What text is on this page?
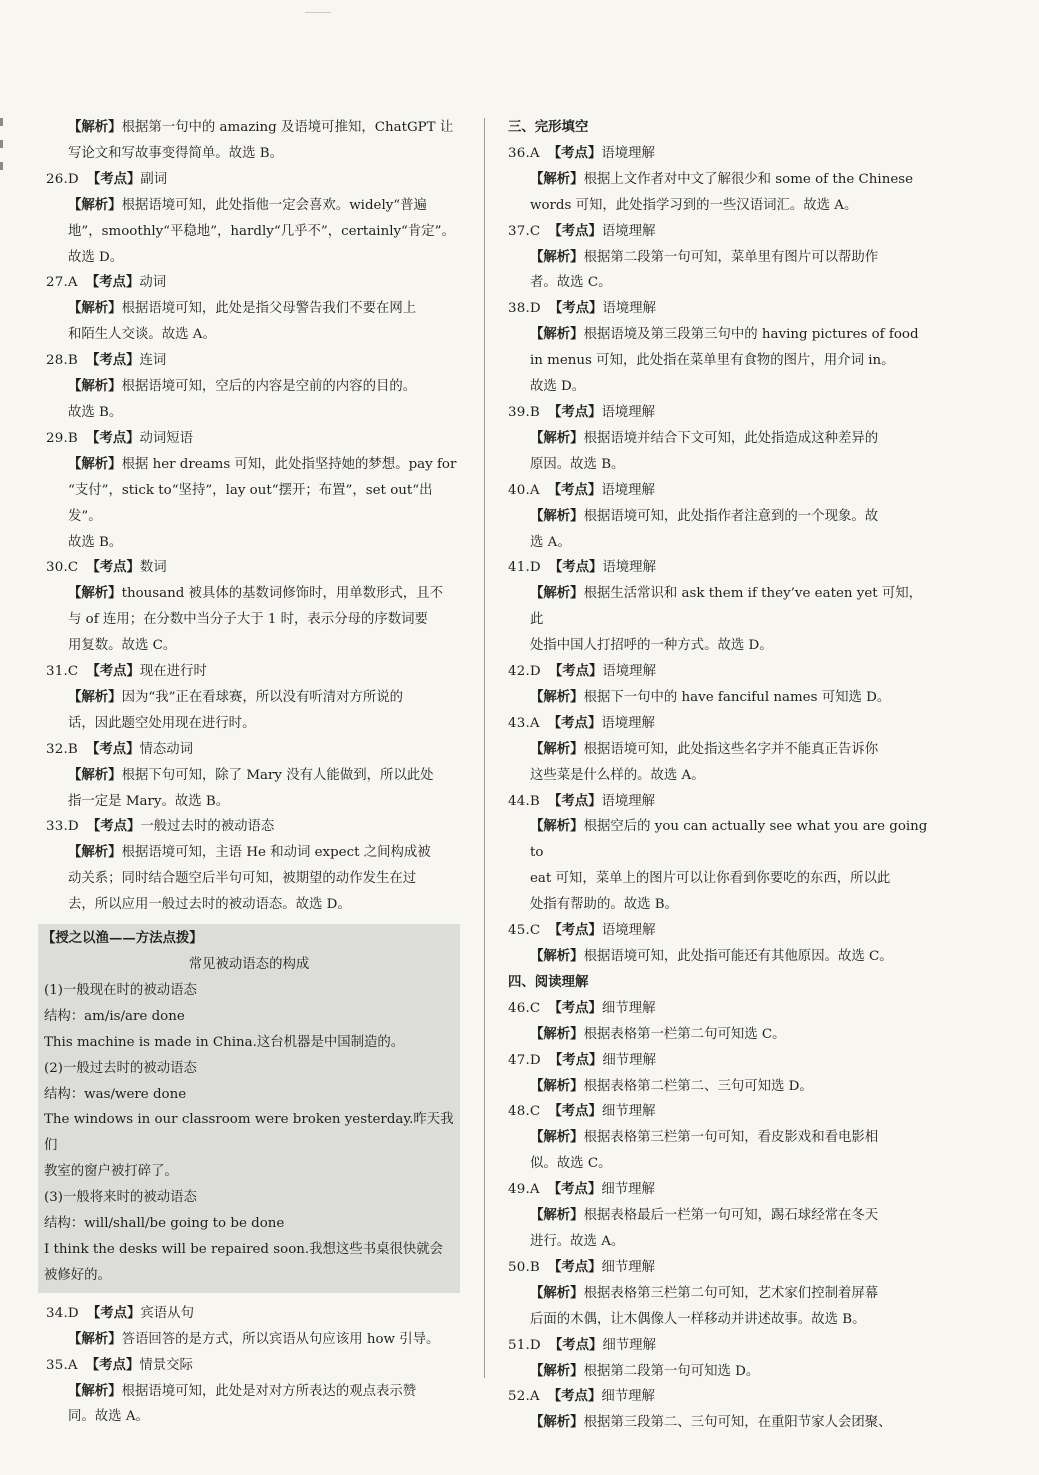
【解析】根据第一句中的 amazing 及语境可推知，ChatGPT 让
写论文和写故事变得简单。故选 B。
26.D 【考点】副词
【解析】根据语境可知，此处指他一定会喜欢。widely“普遍
地”，smoothly“平稳地”，hardly“几乎不”，certainly“肯定”。
故选 D。
27.A 【考点】动词
【解析】根据语境可知，此处是指父母警告我们不要在网上
和陌生人交谈。故选 A。
28.B 【考点】连词
【解析】根据语境可知，空后的内容是空前的内容的目的。
故选 B。
29.B 【考点】动词短语
【解析】根据 her dreams 可知，此处指坚持她的梦想。pay for
“支付”，stick to“坚持”，lay out“摆开；布置”，set out“出发”。
故选 B。
30.C 【考点】数词
【解析】thousand 被具体的基数词修饰时，用单数形式，且不
与 of 连用；在分数中当分子大于 1 时，表示分母的序数词要
用复数。故选 C。
31.C 【考点】现在进行时
【解析】因为“我”正在看球赛，所以没有听清对方所说的
话，因此题空处用现在进行时。
32.B 【考点】情态动词
【解析】根据下句可知，除了 Mary 没有人能做到，所以此处
指一定是 Mary。故选 B。
33.D 【考点】一般过去时的被动语态
【解析】根据语境可知，主语 He 和动词 expect 之间构成被
动关系；同时结合题空后半句可知，被期望的动作发生在过
去，所以应用一般过去时的被动语态。故选 D。
【授之以渔——方法点拨】
常见被动语态的构成
(1)一般现在时的被动语态
结构：am/is/are done
This machine is made in China.这台机器是中国制造的。
(2)一般过去时的被动语态
结构：was/were done
The windows in our classroom were broken yesterday.昨天我们
教室的窗户被打碎了。
(3)一般将来时的被动语态
结构：will/shall/be going to be done
I think the desks will be repaired soon.我想这些书桌很快就会
被修好的。
34.D 【考点】宾语从句
【解析】答语回答的是方式，所以宾语从句应该用 how 引导。
35.A 【考点】情景交际
【解析】根据语境可知，此处是对对方所表达的观点表示赞
同。故选 A。
三、完形填空
36.A 【考点】语境理解
【解析】根据上文作者对中文了解很少和 some of the Chinese
words 可知，此处指学习到的一些汉语词汇。故选 A。
37.C 【考点】语境理解
【解析】根据第二段第一句可知，菜单里有图片可以帮助作
者。故选 C。
38.D 【考点】语境理解
【解析】根据语境及第三段第三句中的 having pictures of food
in menus 可知，此处指在菜单里有食物的图片，用介词 in。
故选 D。
39.B 【考点】语境理解
【解析】根据语境并结合下文可知，此处指造成这种差异的
原因。故选 B。
40.A 【考点】语境理解
【解析】根据语境可知，此处指作者注意到的一个现象。故
选 A。
41.D 【考点】语境理解
【解析】根据生活常识和 ask them if they’ve eaten yet 可知，此
处指中国人打招呼的一种方式。故选 D。
42.D 【考点】语境理解
【解析】根据下一句中的 have fanciful names 可知选 D。
43.A 【考点】语境理解
【解析】根据语境可知，此处指这些名字并不能真正告诉你
这些菜是什么样的。故选 A。
44.B 【考点】语境理解
【解析】根据空后的 you can actually see what you are going to
eat 可知，菜单上的图片可以让你看到你要吃的东西，所以此
处指有帮助的。故选 B。
45.C 【考点】语境理解
【解析】根据语境可知，此处指可能还有其他原因。故选 C。
四、阅读理解
46.C 【考点】细节理解
【解析】根据表格第一栏第二句可知选 C。
47.D 【考点】细节理解
【解析】根据表格第二栏第二、三句可知选 D。
48.C 【考点】细节理解
【解析】根据表格第三栏第一句可知，看皮影戏和看电影相
似。故选 C。
49.A 【考点】细节理解
【解析】根据表格最后一栏第一句可知，踢石球经常在冬天
进行。故选 A。
50.B 【考点】细节理解
【解析】根据表格第三栏第二句可知，艺术家们控制着屏幕
后面的木偶，让木偶像人一样移动并讲述故事。故选 B。
51.D 【考点】细节理解
【解析】根据第二段第一句可知选 D。
52.A 【考点】细节理解
【解析】根据第三段第二、三句可知，在重阳节家人会团聚、
